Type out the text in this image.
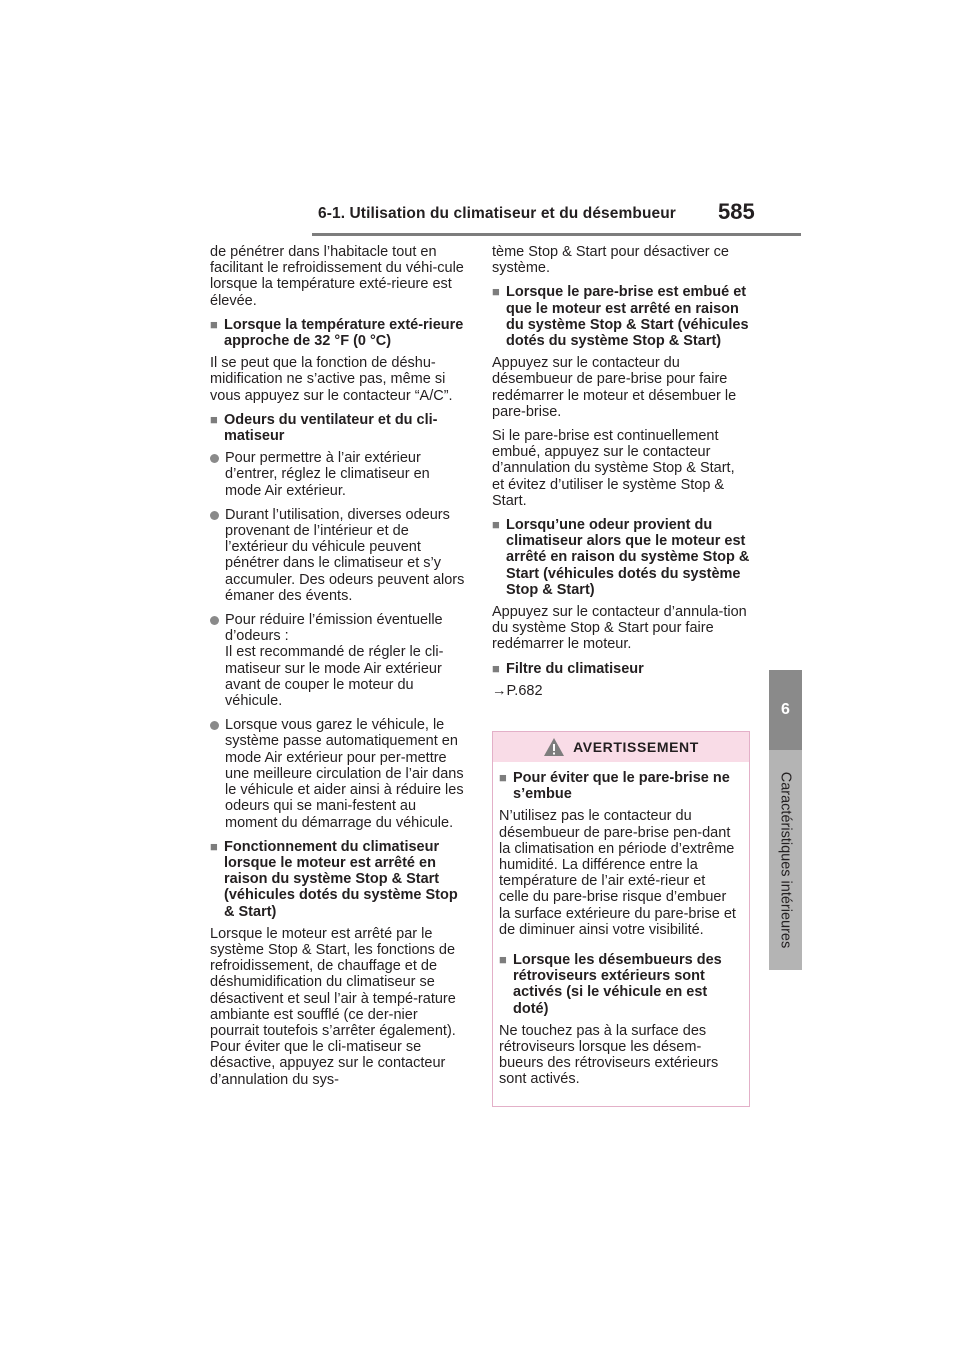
6-1. Utilisation du climatiseur et du désembueur 585
6
Caractéristiques intérieures

de pénétrer dans l’habitacle tout en facilitant le refroidissement du véhi-cule lorsque la température exté-rieure est élevée.

■ Lorsque la température exté-rieure approche de 32 °F (0 °C)

Il se peut que la fonction de déshu-midification ne s’active pas, même si vous appuyez sur le contacteur “A/C”.

■ Odeurs du ventilateur et du cli-matiseur
Pour permettre à l’air extérieur d’entrer, réglez le climatiseur en mode Air extérieur.
Durant l’utilisation, diverses odeurs provenant de l’intérieur et de l’extérieur du véhicule peuvent pénétrer dans le climatiseur et s’y accumuler. Des odeurs peuvent alors émaner des évents.
Pour réduire l’émission éventuelle d’odeurs :
Il est recommandé de régler le cli-matiseur sur le mode Air extérieur avant de couper le moteur du véhicule.
Lorsque vous garez le véhicule, le système passe automatiquement en mode Air extérieur pour per-mettre une meilleure circulation de l’air dans le véhicule et aider ainsi à réduire les odeurs qui se mani-festent au moment du démarrage du véhicule.
■ Fonctionnement du climatiseur lorsque le moteur est arrêté en raison du système Stop & Start (véhicules dotés du système Stop & Start)

Lorsque le moteur est arrêté par le système Stop & Start, les fonctions de refroidissement, de chauffage et de déshumidification du climatiseur se désactivent et seul l’air à tempé-rature ambiante est soufflé (ce der-nier pourrait toutefois s’arrêter également). Pour éviter que le cli-matiseur se désactive, appuyez sur le contacteur d’annulation du sys-

tème Stop & Start pour désactiver ce système.

■ Lorsque le pare-brise est embué et que le moteur est arrêté en raison du système Stop & Start (véhicules dotés du système Stop & Start)

Appuyez sur le contacteur du désembueur de pare-brise pour faire redémarrer le moteur et désembuer le pare-brise.

Si le pare-brise est continuellement embué, appuyez sur le contacteur d’annulation du système Stop & Start, et évitez d’utiliser le système Stop & Start.

■ Lorsqu’une odeur provient du climatiseur alors que le moteur est arrêté en raison du système Stop & Start (véhicules dotés du système Stop & Start)

Appuyez sur le contacteur d’annula-tion du système Stop & Start pour faire redémarrer le moteur.

■ Filtre du climatiseur

→P.682

AVERTISSEMENT
■ Pour éviter que le pare-brise ne s’embue

N’utilisez pas le contacteur du désembueur de pare-brise pen-dant la climatisation en période d’extrême humidité. La différence entre la température de l’air exté-rieur et celle du pare-brise risque d’embuer la surface extérieure du pare-brise et de diminuer ainsi votre visibilité.

■ Lorsque les désembueurs des rétroviseurs extérieurs sont activés (si le véhicule en est doté)

Ne touchez pas à la surface des rétroviseurs lorsque les désem-bueurs des rétroviseurs extérieurs sont activés.
